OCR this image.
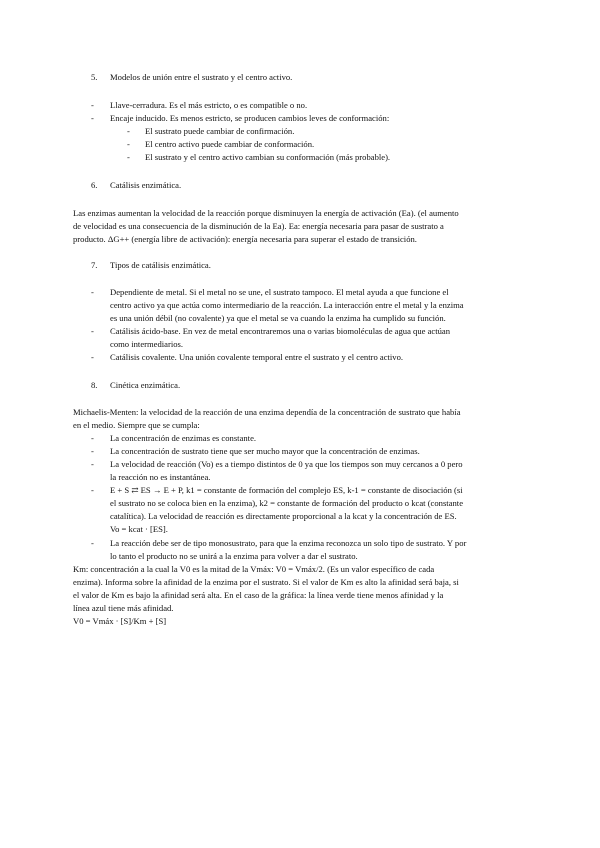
5.	Modelos de unión entre el sustrato y el centro activo.
- Llave-cerradura. Es el más estricto, o es compatible o no.
- Encaje inducido. Es menos estricto, se producen cambios leves de conformación:
- El sustrato puede cambiar de confirmación.
- El centro activo puede cambiar de conformación.
- El sustrato y el centro activo cambian su conformación (más probable).
6.	Catálisis enzimática.
Las enzimas aumentan la velocidad de la reacción porque disminuyen la energía de activación (Ea). (el aumento
de velocidad es una consecuencia de la disminución de la Ea). Ea: energía necesaria para pasar de sustrato a
producto. ΔG++ (energía libre de activación): energía necesaria para superar el estado de transición.
7.	Tipos de catálisis enzimática.
- Dependiente de metal. Si el metal no se une, el sustrato tampoco. El metal ayuda a que funcione el
centro activo ya que actúa como intermediario de la reacción. La interacción entre el metal y la enzima
es una unión débil (no covalente) ya que el metal se va cuando la enzima ha cumplido su función.
- Catálisis ácido-base. En vez de metal encontraremos una o varias biomoléculas de agua que actúan
como intermediarios.
- Catálisis covalente. Una unión covalente temporal entre el sustrato y el centro activo.
8.	Cinética enzimática.
Michaelis-Menten: la velocidad de la reacción de una enzima dependía de la concentración de sustrato que había
en el medio. Siempre que se cumpla:
- La concentración de enzimas es constante.
- La concentración de sustrato tiene que ser mucho mayor que la concentración de enzimas.
- La velocidad de reacción (Vo) es a tiempo distintos de 0 ya que los tiempos son muy cercanos a 0 pero
la reacción no es instantánea.
- E + S ⇄ ES → E + P, k1 = constante de formación del complejo ES, k-1 = constante de disociación (si
el sustrato no se coloca bien en la enzima), k2 = constante de formación del producto o kcat (constante
catalítica). La velocidad de reacción es directamente proporcional a la kcat y la concentración de ES.
Vo = kcat · [ES].
- La reacción debe ser de tipo monosustrato, para que la enzima reconozca un solo tipo de sustrato. Y por
lo tanto el producto no se unirá a la enzima para volver a dar el sustrato.
Km: concentración a la cual la V0 es la mitad de la Vmáx: V0 = Vmáx/2. (Es un valor específico de cada
enzima). Informa sobre la afinidad de la enzima por el sustrato. Si el valor de Km es alto la afinidad será baja, si
el valor de Km es bajo la afinidad será alta. En el caso de la gráfica: la línea verde tiene menos afinidad y la
línea azul tiene más afinidad.
V0 = Vmáx · [S]/Km + [S]
